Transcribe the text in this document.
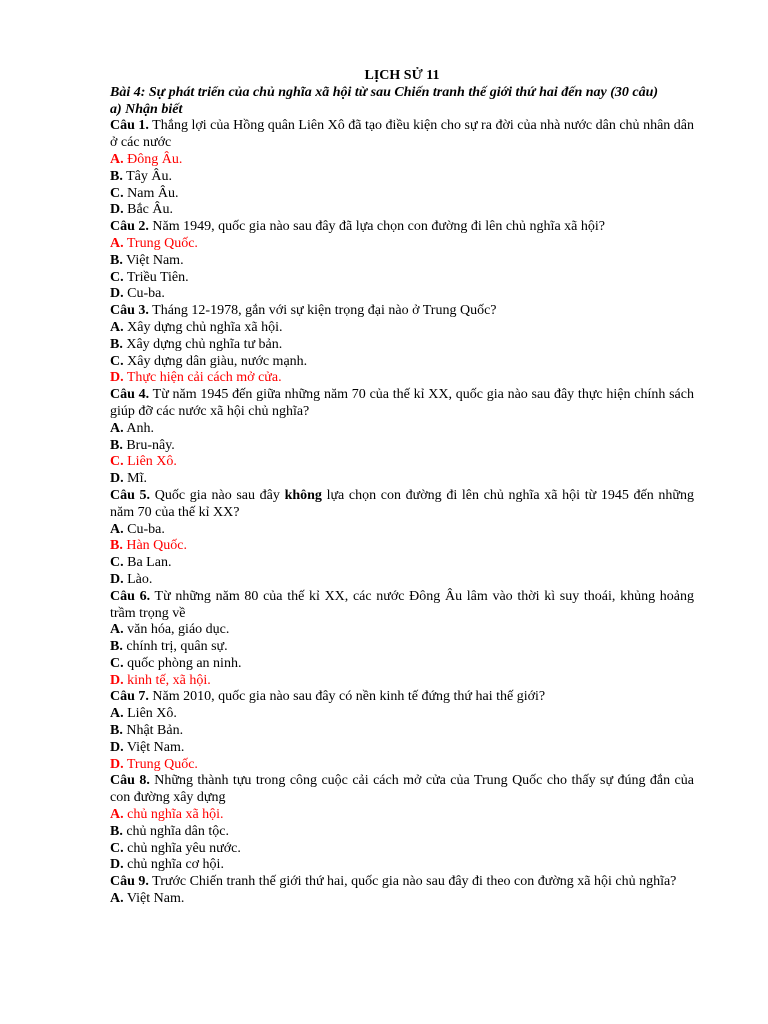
LỊCH SỬ 11
Bài 4: Sự phát triển của chủ nghĩa xã hội từ sau Chiến tranh thế giới thứ hai đến nay (30 câu)
a) Nhận biết
Câu 1. Thắng lợi của Hồng quân Liên Xô đã tạo điều kiện cho sự ra đời của nhà nước dân chủ nhân dân ở các nước
A. Đông Âu.
B. Tây Âu.
C. Nam Âu.
D. Bắc Âu.
Câu 2. Năm 1949, quốc gia nào sau đây đã lựa chọn con đường đi lên chủ nghĩa xã hội?
A. Trung Quốc.
B. Việt Nam.
C. Triều Tiên.
D. Cu-ba.
Câu 3. Tháng 12-1978, gắn với sự kiện trọng đại nào ở Trung Quốc?
A. Xây dựng chủ nghĩa xã hội.
B. Xây dựng chủ nghĩa tư bản.
C. Xây dựng dân giàu, nước mạnh.
D. Thực hiện cải cách mở cửa.
Câu 4. Từ năm 1945 đến giữa những năm 70 của thế kỉ XX, quốc gia nào sau đây thực hiện chính sách giúp đỡ các nước xã hội chủ nghĩa?
A. Anh.
B. Bru-nây.
C. Liên Xô.
D. Mĩ.
Câu 5. Quốc gia nào sau đây không lựa chọn con đường đi lên chủ nghĩa xã hội từ 1945 đến những năm 70 của thế kỉ XX?
A. Cu-ba.
B. Hàn Quốc.
C. Ba Lan.
D. Lào.
Câu 6. Từ những năm 80 của thế kỉ XX, các nước Đông Âu lâm vào thời kì suy thoái, khủng hoảng trầm trọng về
A. văn hóa, giáo dục.
B. chính trị, quân sự.
C. quốc phòng an ninh.
D. kinh tế, xã hội.
Câu 7. Năm 2010, quốc gia nào sau đây có nền kinh tế đứng thứ hai thế giới?
A. Liên Xô.
B. Nhật Bản.
D. Việt Nam.
D. Trung Quốc.
Câu 8. Những thành tựu trong công cuộc cải cách mở cửa của Trung Quốc cho thấy sự đúng đắn của con đường xây dựng
A. chủ nghĩa xã hội.
B. chủ nghĩa dân tộc.
C. chủ nghĩa yêu nước.
D. chủ nghĩa cơ hội.
Câu 9. Trước Chiến tranh thế giới thứ hai, quốc gia nào sau đây đi theo con đường xã hội chủ nghĩa?
A. Việt Nam.
